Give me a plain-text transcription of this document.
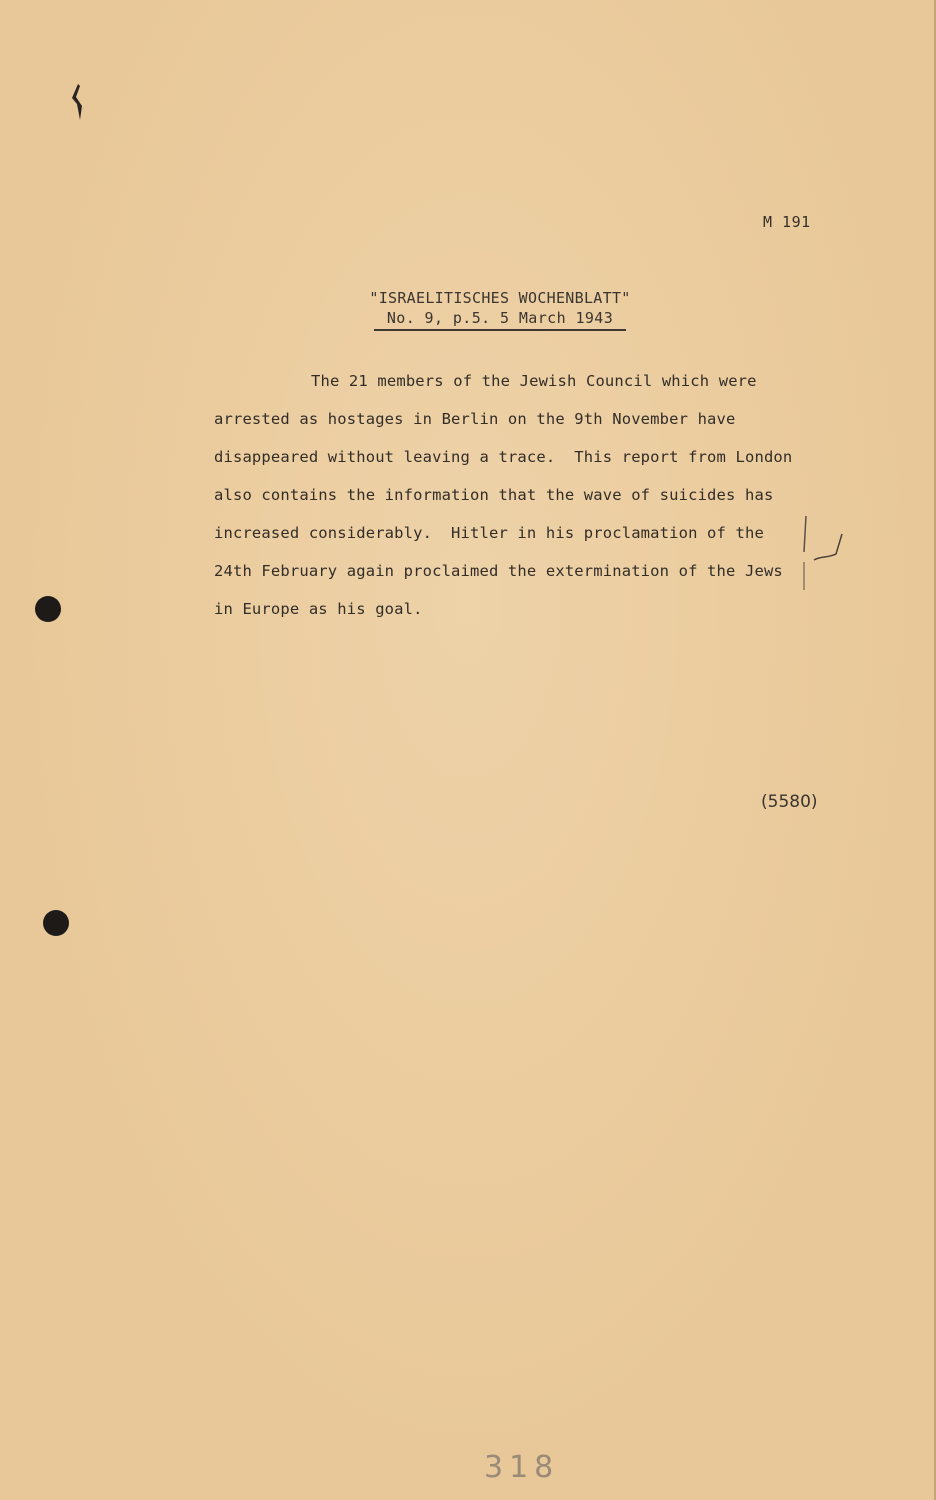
M 191
"ISRAELITISCHES WOCHENBLATT"
No. 9, p.5. 5 March 1943
The 21 members of the Jewish Council which were
arrested as hostages in Berlin on the 9th November have
disappeared without leaving a trace.  This report from London
also contains the information that the wave of suicides has
increased considerably.  Hitler in his proclamation of the
24th February again proclaimed the extermination of the Jews
in Europe as his goal.
(5580)
318
